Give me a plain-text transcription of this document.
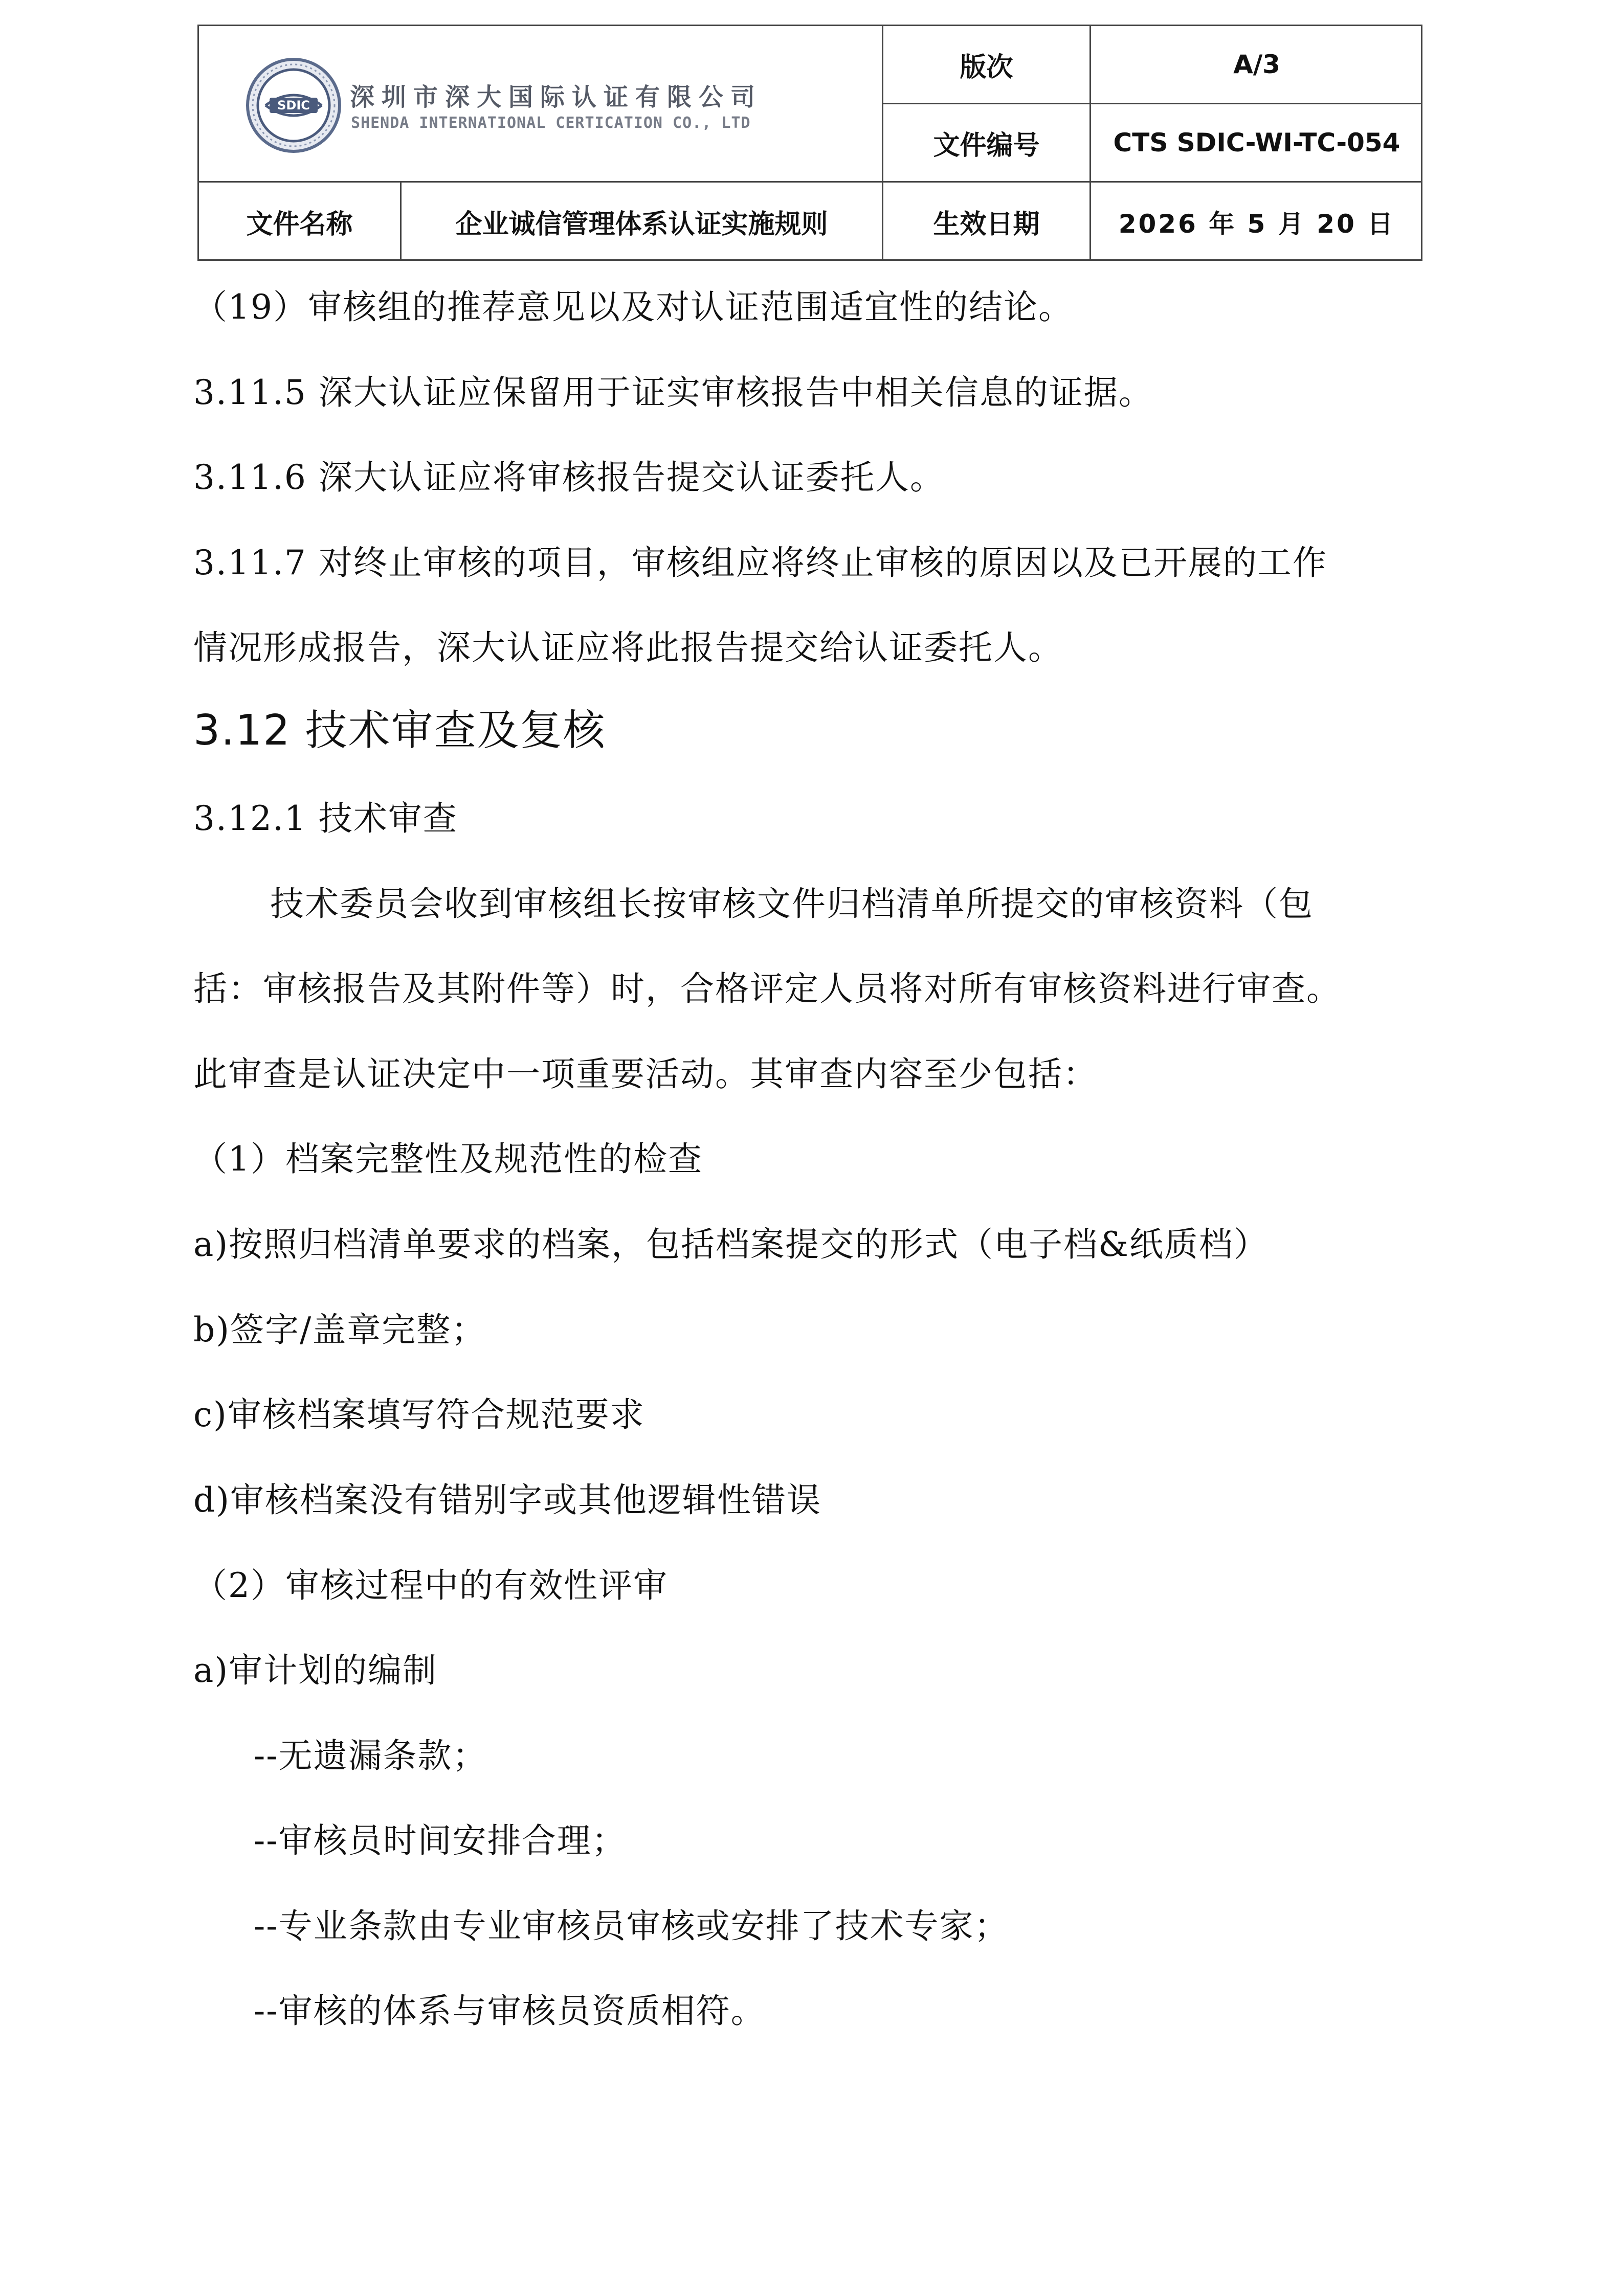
SDIC 深圳市深大国际认证有限公司
SHENDA INTERNATIONAL CERTICATION CO., LTD
版次	A/3
文件编号	CTS SDIC-WI-TC-054
文件名称	企业诚信管理体系认证实施规则	生效日期	2026 年 5 月 20 日
（19）审核组的推荐意见以及对认证范围适宜性的结论。
3.11.5 深大认证应保留用于证实审核报告中相关信息的证据。
3.11.6 深大认证应将审核报告提交认证委托人。
3.11.7 对终止审核的项目，审核组应将终止审核的原因以及已开展的工作
情况形成报告，深大认证应将此报告提交给认证委托人。
3.12 技术审查及复核
3.12.1 技术审查
技术委员会收到审核组长按审核文件归档清单所提交的审核资料（包
括：审核报告及其附件等）时，合格评定人员将对所有审核资料进行审查。
此审查是认证决定中一项重要活动。其审查内容至少包括：
（1）档案完整性及规范性的检查
a)按照归档清单要求的档案，包括档案提交的形式（电子档&纸质档）
b)签字/盖章完整；
c)审核档案填写符合规范要求
d)审核档案没有错别字或其他逻辑性错误
（2）审核过程中的有效性评审
a)审计划的编制
--无遗漏条款；
--审核员时间安排合理；
--专业条款由专业审核员审核或安排了技术专家；
--审核的体系与审核员资质相符。
